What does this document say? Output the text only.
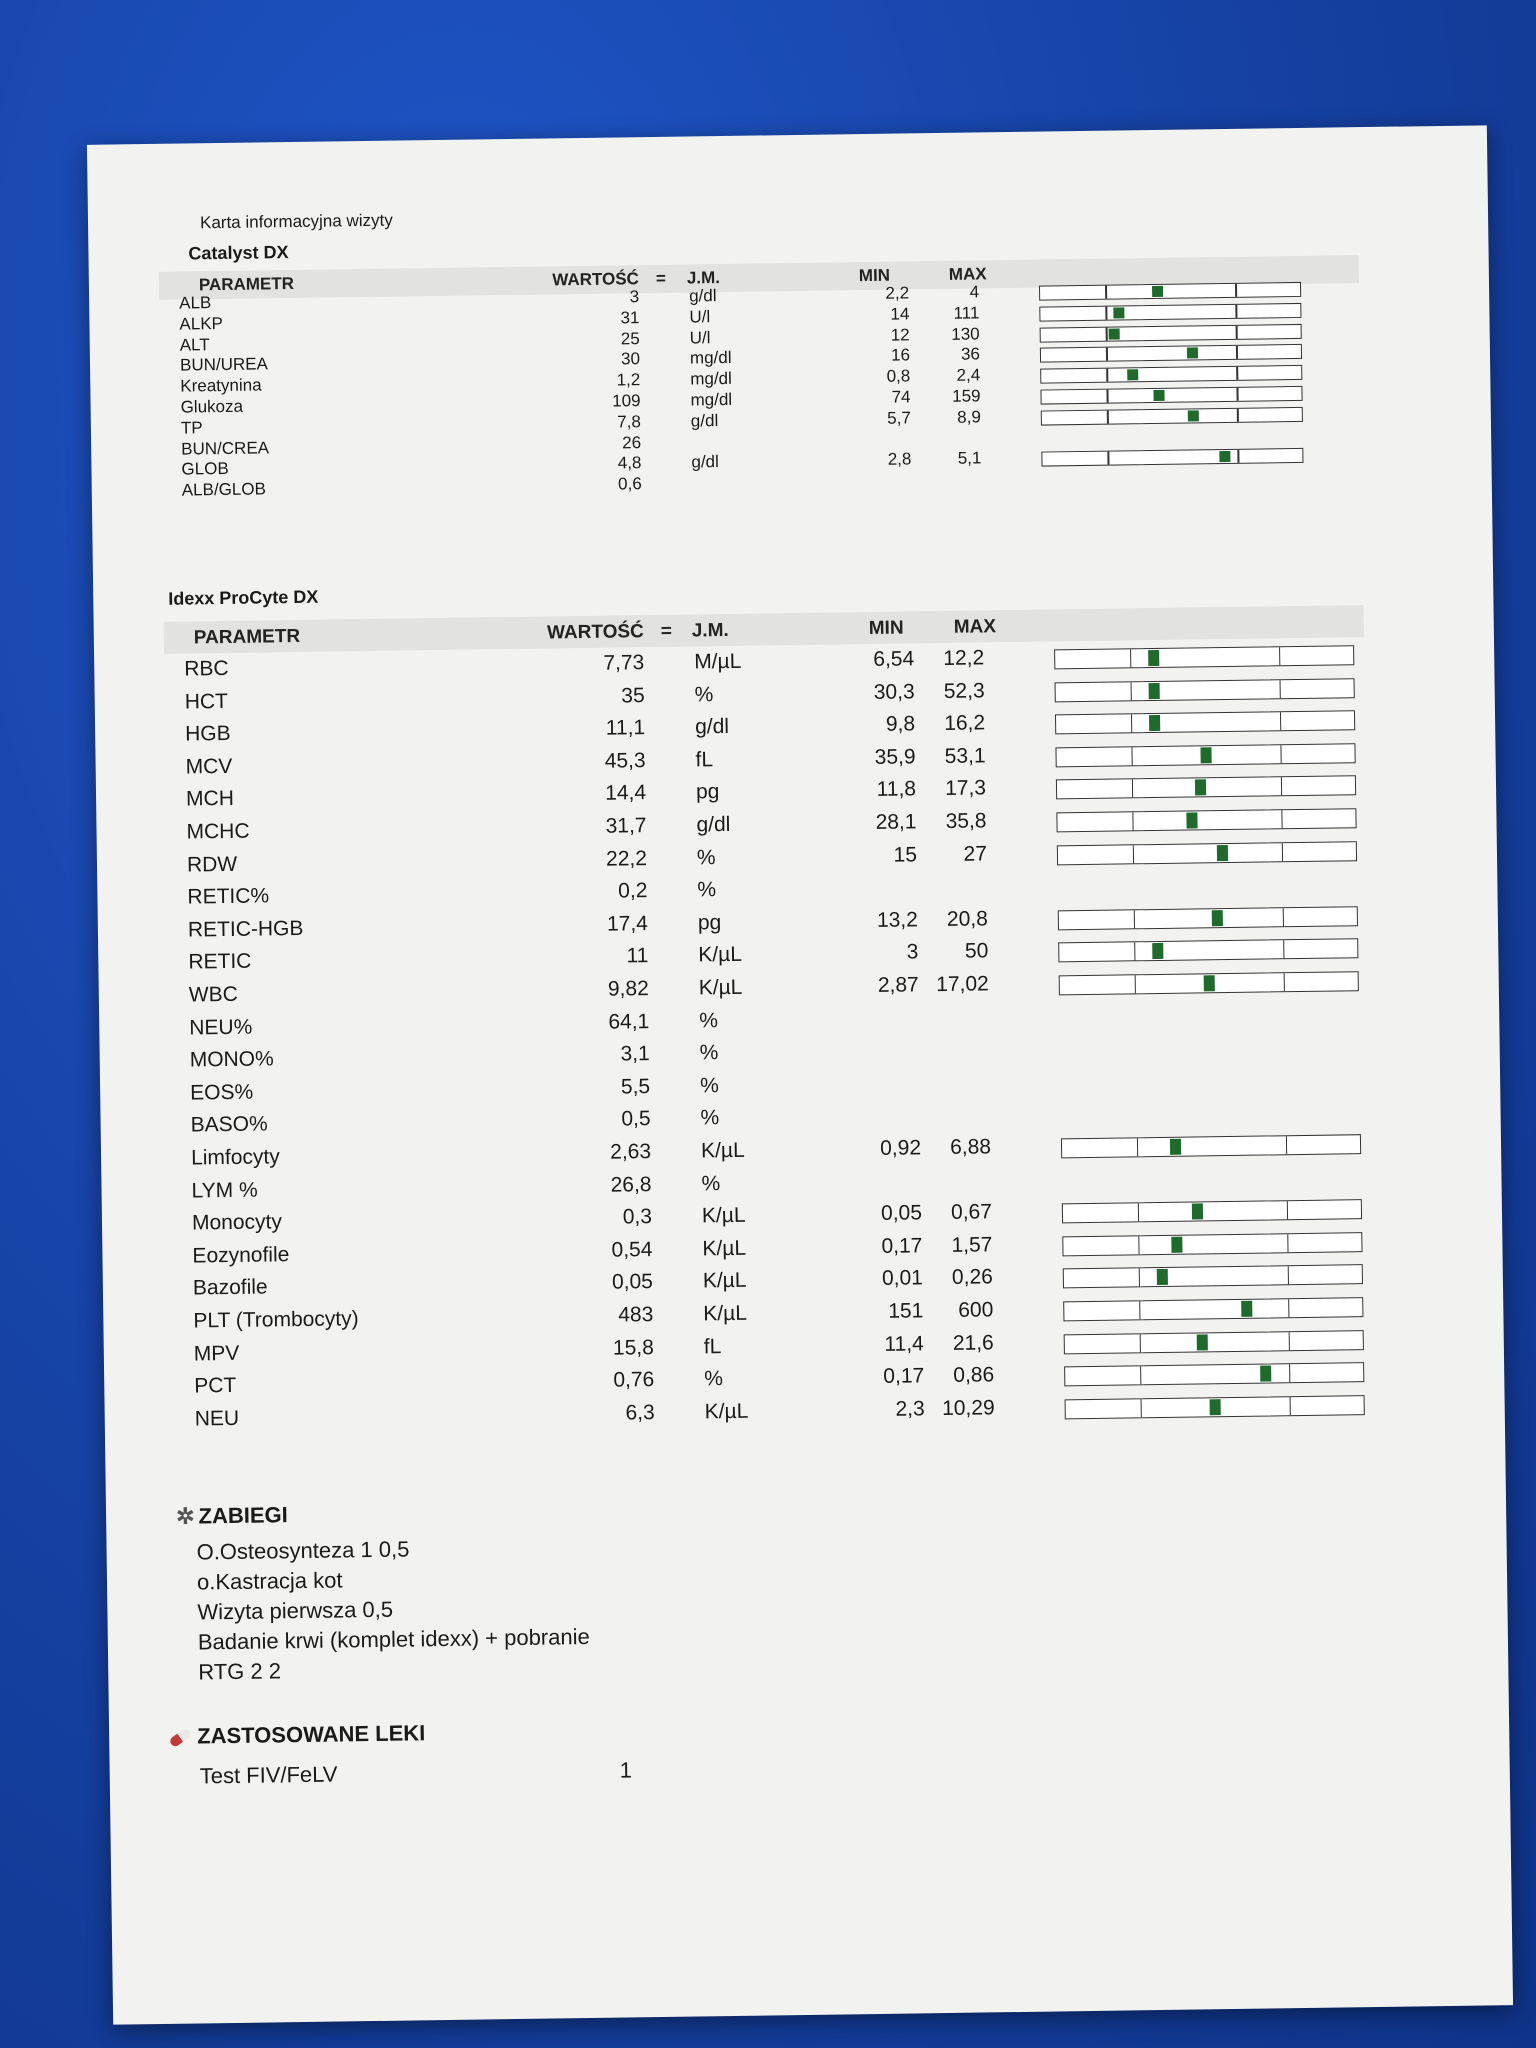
Karta informacyjna wizyty
Catalyst DX
PARAMETR	WARTOŚĆ = J.M.	MIN	MAX
ALB	3	g/dl	2,2	4
ALKP	31	U/l	14	111
ALT	25	U/l	12	130
BUN/UREA	30	mg/dl	16	36
Kreatynina	1,2	mg/dl	0,8	2,4
Glukoza	109	mg/dl	74	159
TP	7,8	g/dl	5,7	8,9
BUN/CREA	26
GLOB	4,8	g/dl	2,8	5,1
ALB/GLOB	0,6
Idexx ProCyte DX
PARAMETR	WARTOŚĆ = J.M.	MIN	MAX
RBC	7,73 M/µL	6,54	12,2
HCT	35 %	30,3	52,3
HGB	11,1 g/dl	9,8	16,2
MCV	45,3 fL	35,9	53,1
MCH	14,4 pg	11,8	17,3
MCHC	31,7 g/dl	28,1	35,8
RDW	22,2 %	15	27
RETIC%	0,2 %
RETIC-HGB	17,4 pg	13,2	20,8
RETIC	11 K/µL	3	50
WBC	9,82 K/µL	2,87 17,02
NEU%	64,1 %
MONO%	3,1 %
EOS%	5,5 %
BASO%	0,5 %
Limfocyty	2,63 K/µL	0,92	6,88
LYM %	26,8 %
Monocyty	0,3 K/µL	0,05	0,67
Eozynofile	0,54 K/µL	0,17	1,57
Bazofile	0,05 K/µL	0,01	0,26
PLT (Trombocyty)	483 K/µL	151	600
MPV	15,8 fL	11,4	21,6
PCT	0,76 %	0,17	0,86
NEU	6,3 K/µL	2,3 10,29
✲ ZABIEGI
O.Osteosynteza 1 0,5
o.Kastracja kot
Wizyta pierwsza 0,5
Badanie krwi (komplet idexx) + pobranie
RTG 2 2
ZASTOSOWANE LEKI
Test FIV/FeLV	1
